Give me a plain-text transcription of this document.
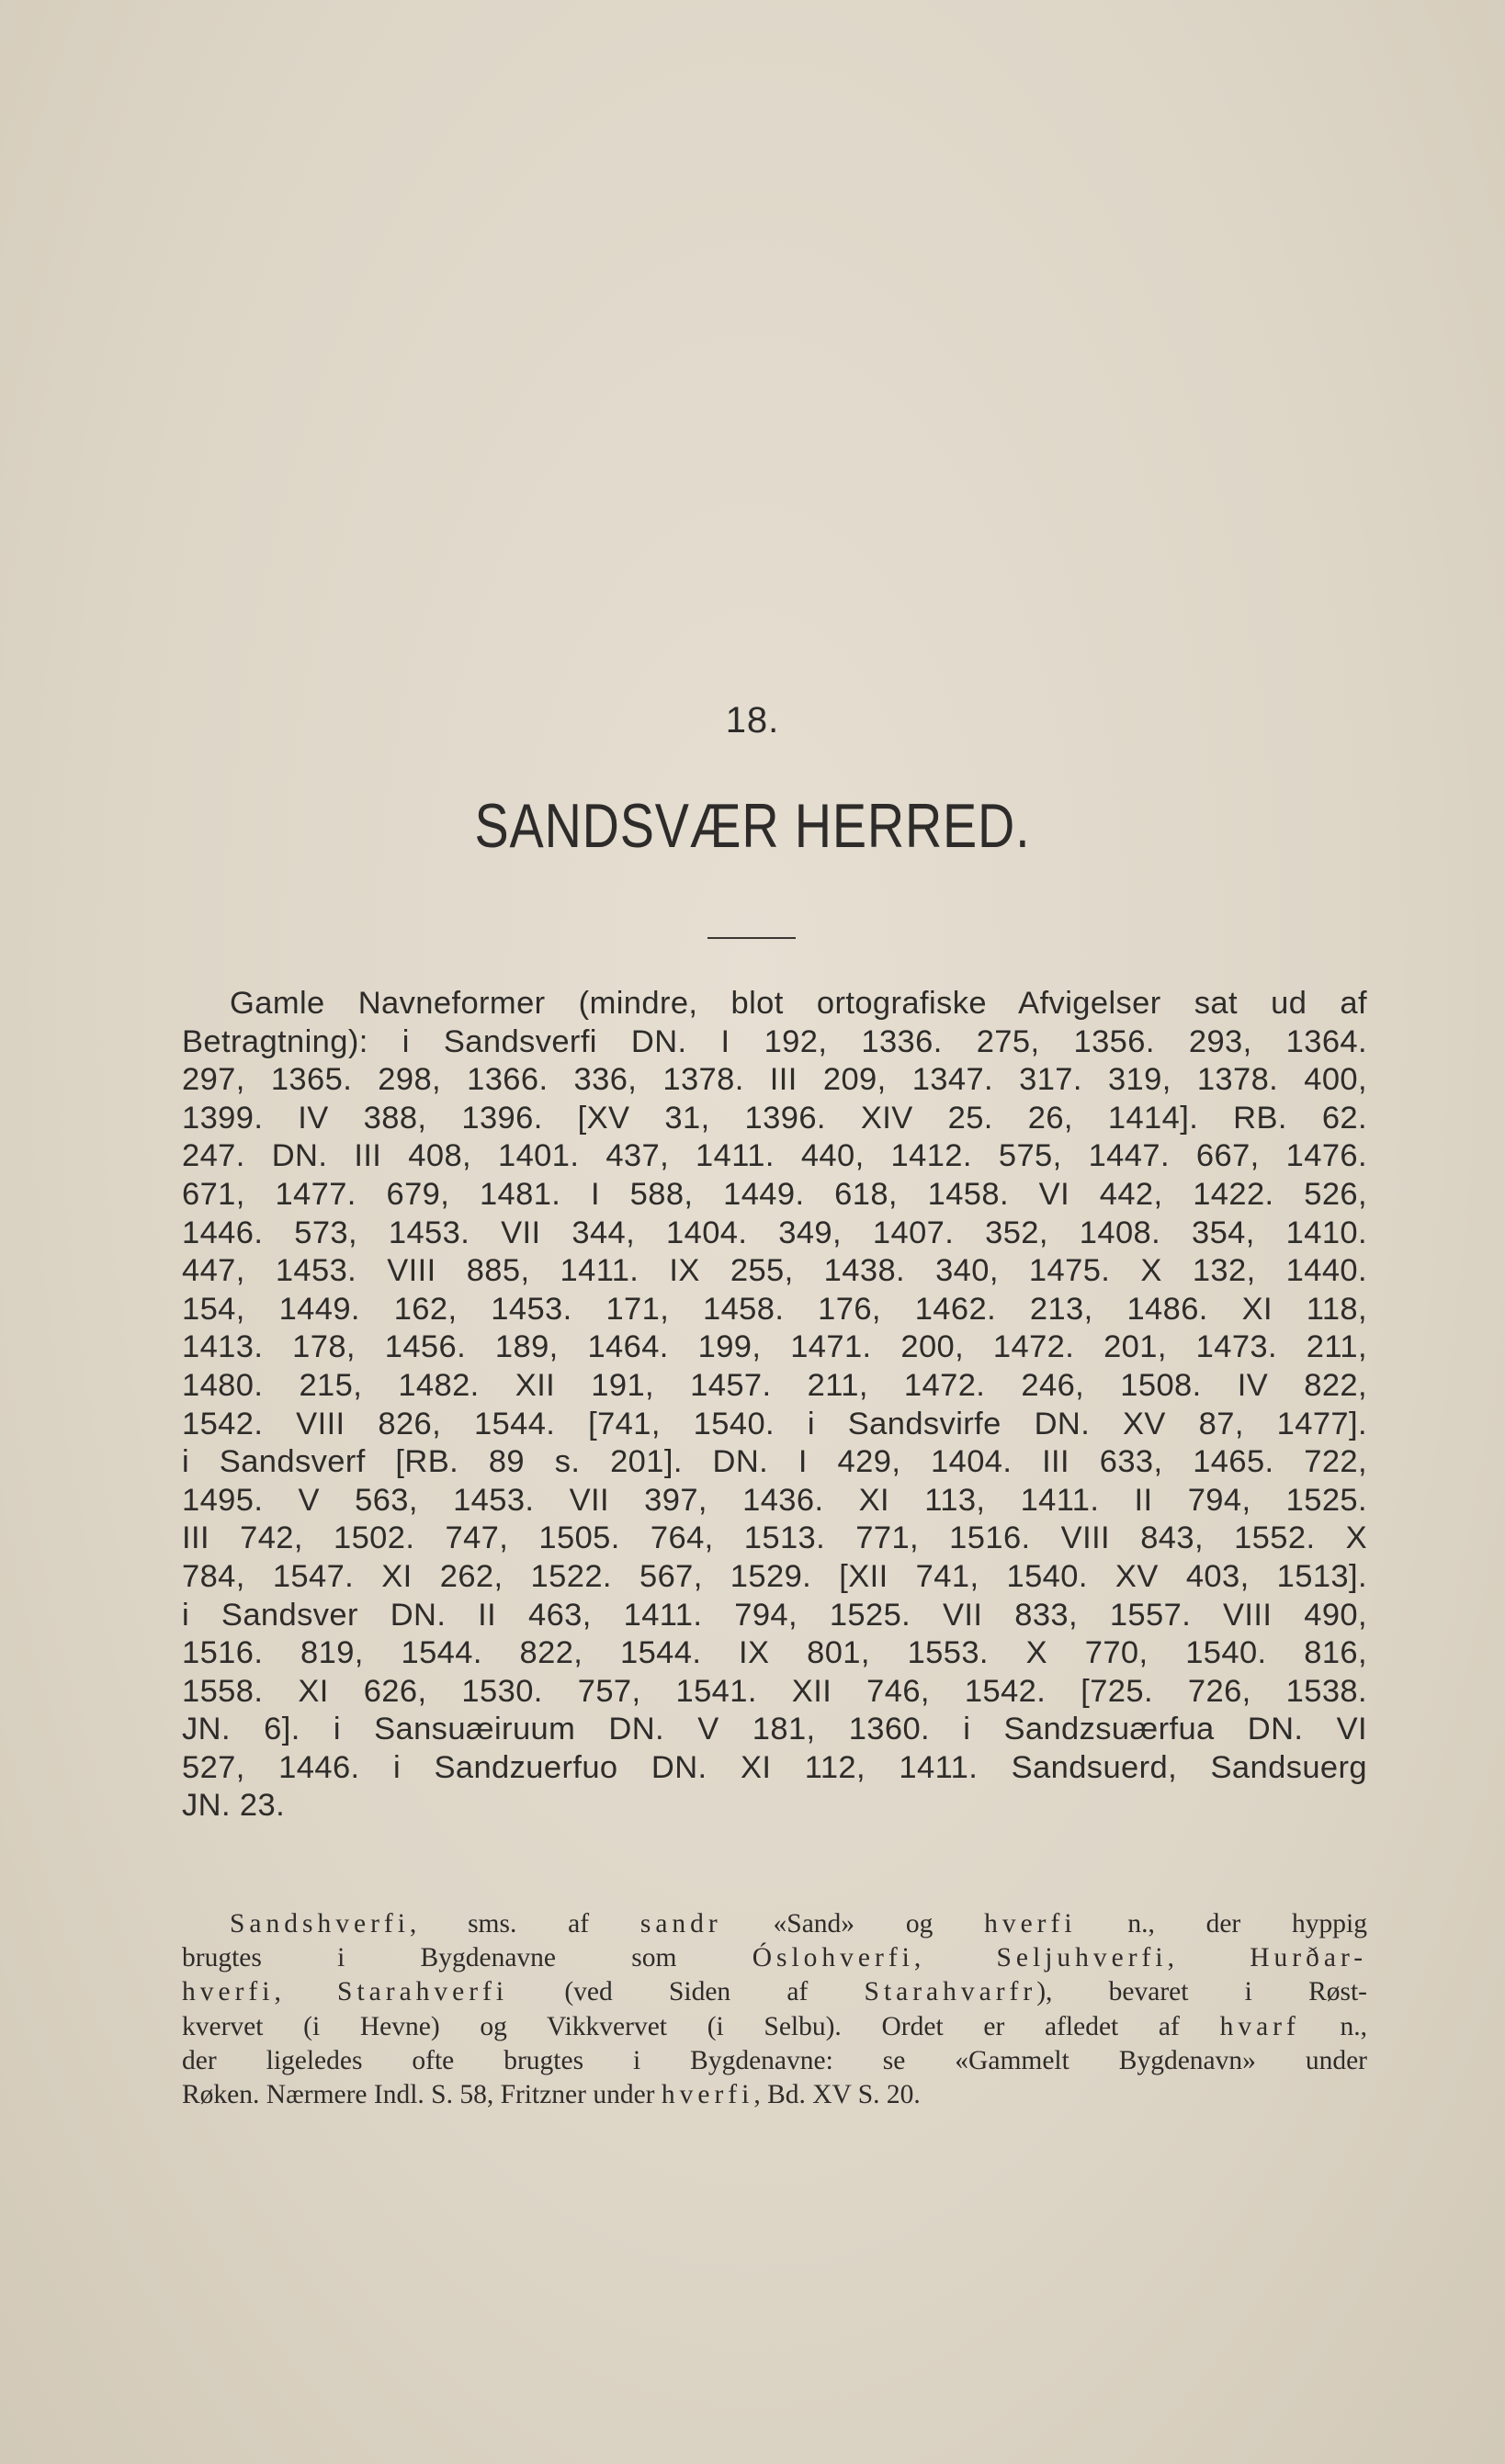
18.
SANDSVÆR HERRED.
Gamle Navneformer (mindre, blot ortografiske Afvigelser sat ud af
Betragtning): i Sandsverfi DN. I 192, 1336. 275, 1356. 293, 1364.
297, 1365. 298, 1366. 336, 1378. III 209, 1347. 317. 319, 1378. 400,
1399. IV 388, 1396. [XV 31, 1396. XIV 25. 26, 1414]. RB. 62.
247. DN. III 408, 1401. 437, 1411. 440, 1412. 575, 1447. 667, 1476.
671, 1477. 679, 1481. I 588, 1449. 618, 1458. VI 442, 1422. 526,
1446. 573, 1453. VII 344, 1404. 349, 1407. 352, 1408. 354, 1410.
447, 1453. VIII 885, 1411. IX 255, 1438. 340, 1475. X 132, 1440.
154, 1449. 162, 1453. 171, 1458. 176, 1462. 213, 1486. XI 118,
1413. 178, 1456. 189, 1464. 199, 1471. 200, 1472. 201, 1473. 211,
1480. 215, 1482. XII 191, 1457. 211, 1472. 246, 1508. IV 822,
1542. VIII 826, 1544. [741, 1540. i Sandsvirfe DN. XV 87, 1477].
i Sandsverf [RB. 89 s. 201]. DN. I 429, 1404. III 633, 1465. 722,
1495. V 563, 1453. VII 397, 1436. XI 113, 1411. II 794, 1525.
III 742, 1502. 747, 1505. 764, 1513. 771, 1516. VIII 843, 1552. X
784, 1547. XI 262, 1522. 567, 1529. [XII 741, 1540. XV 403, 1513].
i Sandsver DN. II 463, 1411. 794, 1525. VII 833, 1557. VIII 490,
1516. 819, 1544. 822, 1544. IX 801, 1553. X 770, 1540. 816,
1558. XI 626, 1530. 757, 1541. XII 746, 1542. [725. 726, 1538.
JN. 6]. i Sansuæiruum DN. V 181, 1360. i Sandzsuærfua DN. VI
527, 1446. i Sandzuerfuo DN. XI 112, 1411. Sandsuerd, Sandsuerg
JN. 23.
Sandshverfi, sms. af sandr «Sand» og hverfi n., der hyppig
brugtes i Bygdenavne som Óslohverfi, Seljuhverfi, Hurðar-
hverfi, Starahverfi (ved Siden af Starahvarfr), bevaret i Røst-
kvervet (i Hevne) og Vikkvervet (i Selbu). Ordet er afledet af hvarf n.,
der ligeledes ofte brugtes i Bygdenavne: se «Gammelt Bygdenavn» under
Røken. Nærmere Indl. S. 58, Fritzner under hverfi, Bd. XV S. 20.
